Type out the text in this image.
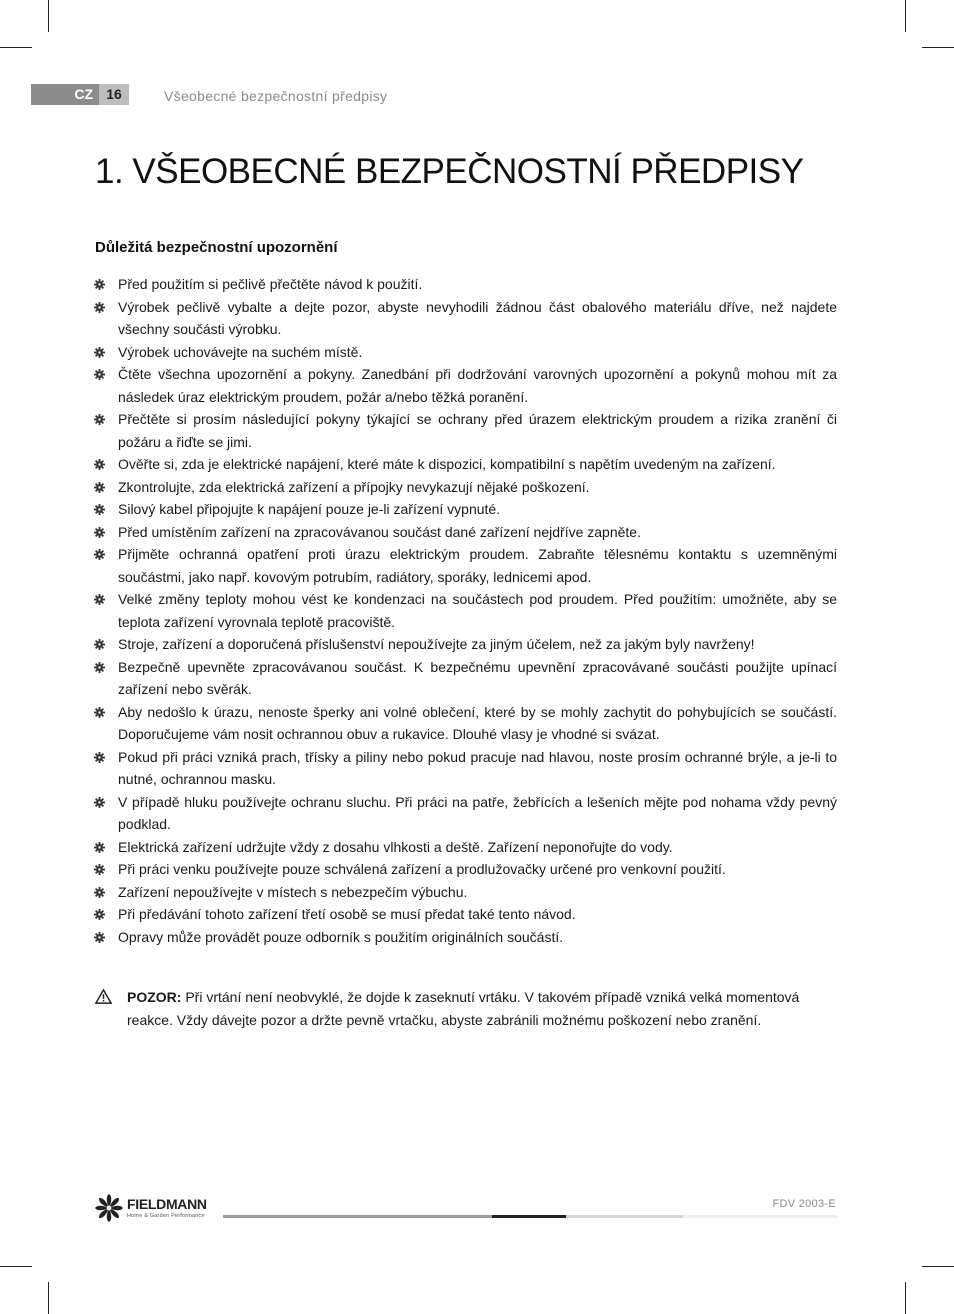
CZ 16	Všeobecné bezpečnostní předpisy
1. VŠEOBECNÉ BEZPEČNOSTNÍ PŘEDPISY
Důležitá bezpečnostní upozornění
Před použitím si pečlivě přečtěte návod k použití.
Výrobek pečlivě vybalte a dejte pozor, abyste nevyhodili žádnou část obalového materiálu dříve, než najdete všechny součásti výrobku.
Výrobek uchovávejte na suchém místě.
Čtěte všechna upozornění a pokyny. Zanedbání při dodržování varovných upozornění a pokynů mohou mít za následek úraz elektrickým proudem, požár a/nebo těžká poranění.
Přečtěte si prosím následující pokyny týkající se ochrany před úrazem elektrickým proudem a rizika zranění či požáru a řiďte se jimi.
Ověřte si, zda je elektrické napájení, které máte k dispozici, kompatibilní s napětím uvedeným na zařízení.
Zkontrolujte, zda elektrická zařízení a přípojky nevykazují nějaké poškození.
Silový kabel připojujte k napájení pouze je-li zařízení vypnuté.
Před umístěním zařízení na zpracovávanou součást dané zařízení nejdříve zapněte.
Přijměte ochranná opatření proti úrazu elektrickým proudem. Zabraňte tělesnému kontaktu s uzemněnými součástmi, jako např. kovovým potrubím, radiátory, sporáky, lednicemi apod.
Velké změny teploty mohou vést ke kondenzaci na součástech pod proudem. Před použitím: umožněte, aby se teplota zařízení vyrovnala teplotě pracoviště.
Stroje, zařízení a doporučená příslušenství nepoužívejte za jiným účelem, než za jakým byly navrženy!
Bezpečně upevněte zpracovávanou součást. K bezpečnému upevnění zpracovávané součásti použijte upínací zařízení nebo svěrák.
Aby nedošlo k úrazu, nenoste šperky ani volné oblečení, které by se mohly zachytit do pohybujících se součástí. Doporučujeme vám nosit ochrannou obuv a rukavice. Dlouhé vlasy je vhodné si svázat.
Pokud při práci vzniká prach, třísky a piliny nebo pokud pracuje nad hlavou, noste prosím ochranné brýle, a je-li to nutné, ochrannou masku.
V případě hluku používejte ochranu sluchu. Při práci na patře, žebřících a lešeních mějte pod nohama vždy pevný podklad.
Elektrická zařízení udržujte vždy z dosahu vlhkosti a deště. Zařízení neponořujte do vody.
Při práci venku používejte pouze schválená zařízení a prodlužovačky určené pro venkovní použití.
Zařízení nepoužívejte v místech s nebezpečím výbuchu.
Při předávání tohoto zařízení třetí osobě se musí předat také tento návod.
Opravy může provádět pouze odborník s použitím originálních součástí.
POZOR: Při vrtání není neobvyklé, že dojde k zaseknutí vrtáku. V takovém případě vzniká velká momentová reakce. Vždy dávejte pozor a držte pevně vrtačku, abyste zabránili možnému poškození nebo zranění.
FIELDMANN
Home & Garden Performance
FDV 2003-E
